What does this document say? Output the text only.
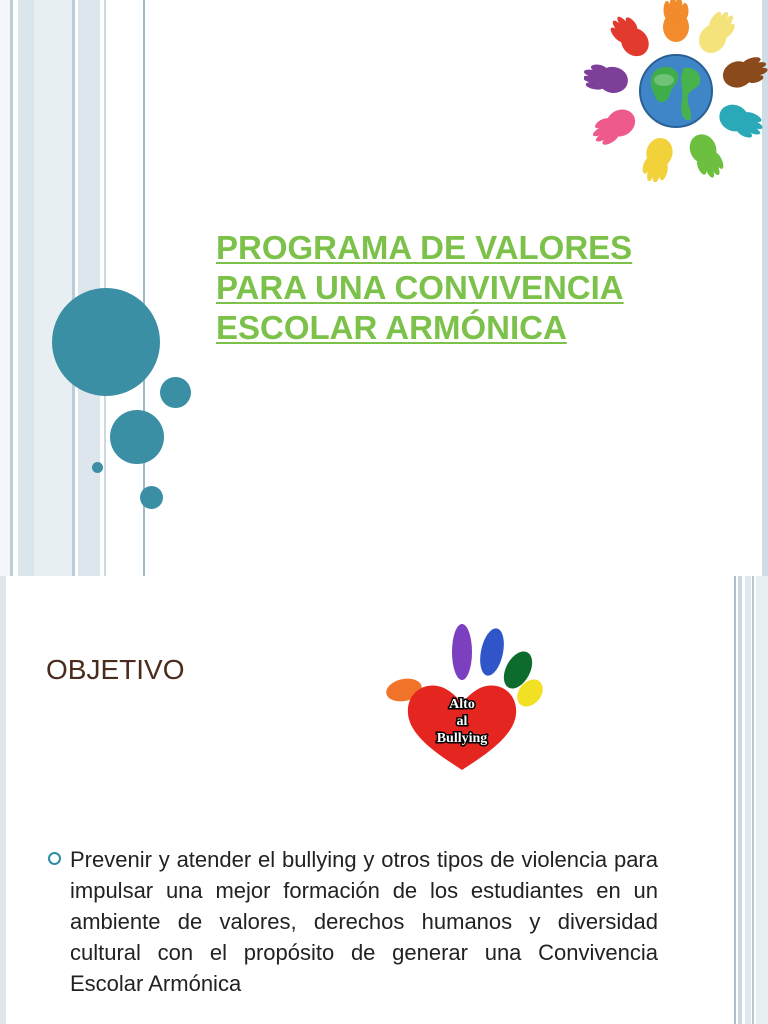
PROGRAMA DE VALORES
PARA UNA CONVIVENCIA
ESCOLAR ARMÓNICA
OBJETIVO
Alto
al
Bullying

Prevenir y atender el bullying y otros tipos de violencia para impulsar una mejor formación de los estudiantes en un ambiente de valores, derechos humanos y diversidad cultural con el propósito de generar una Convivencia Escolar Armónica
